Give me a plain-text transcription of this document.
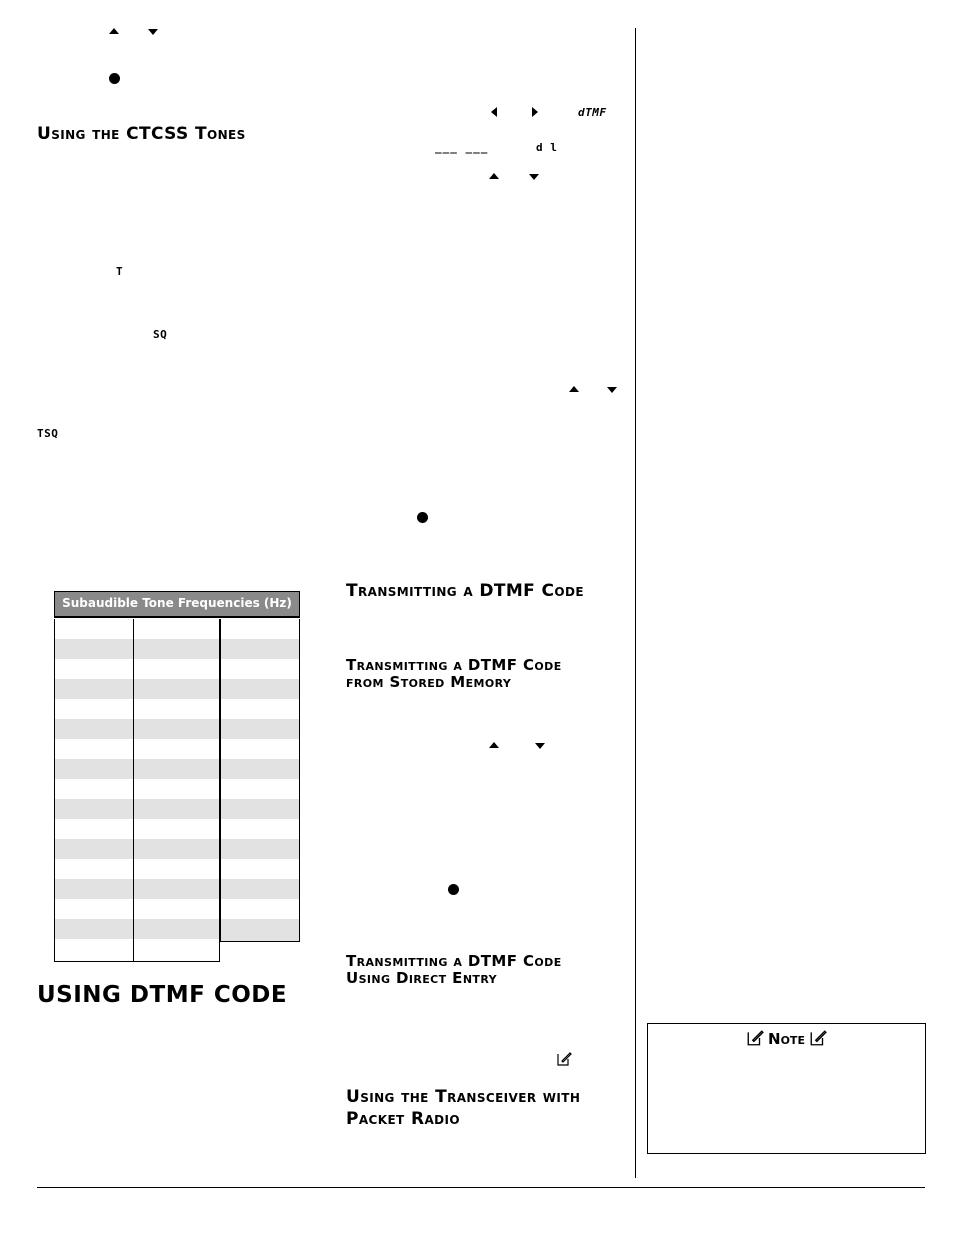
Using the CTCSS Tones
T
SQ
TSQ
Subaudible Tone Frequencies (Hz)
USING DTMF CODE
dTMF
___ ___	d l
Transmitting a DTMF Code
Transmitting a DTMF Code
from Stored Memory
Transmitting a DTMF Code
Using Direct Entry
Using the Transceiver with
Packet Radio
Note
